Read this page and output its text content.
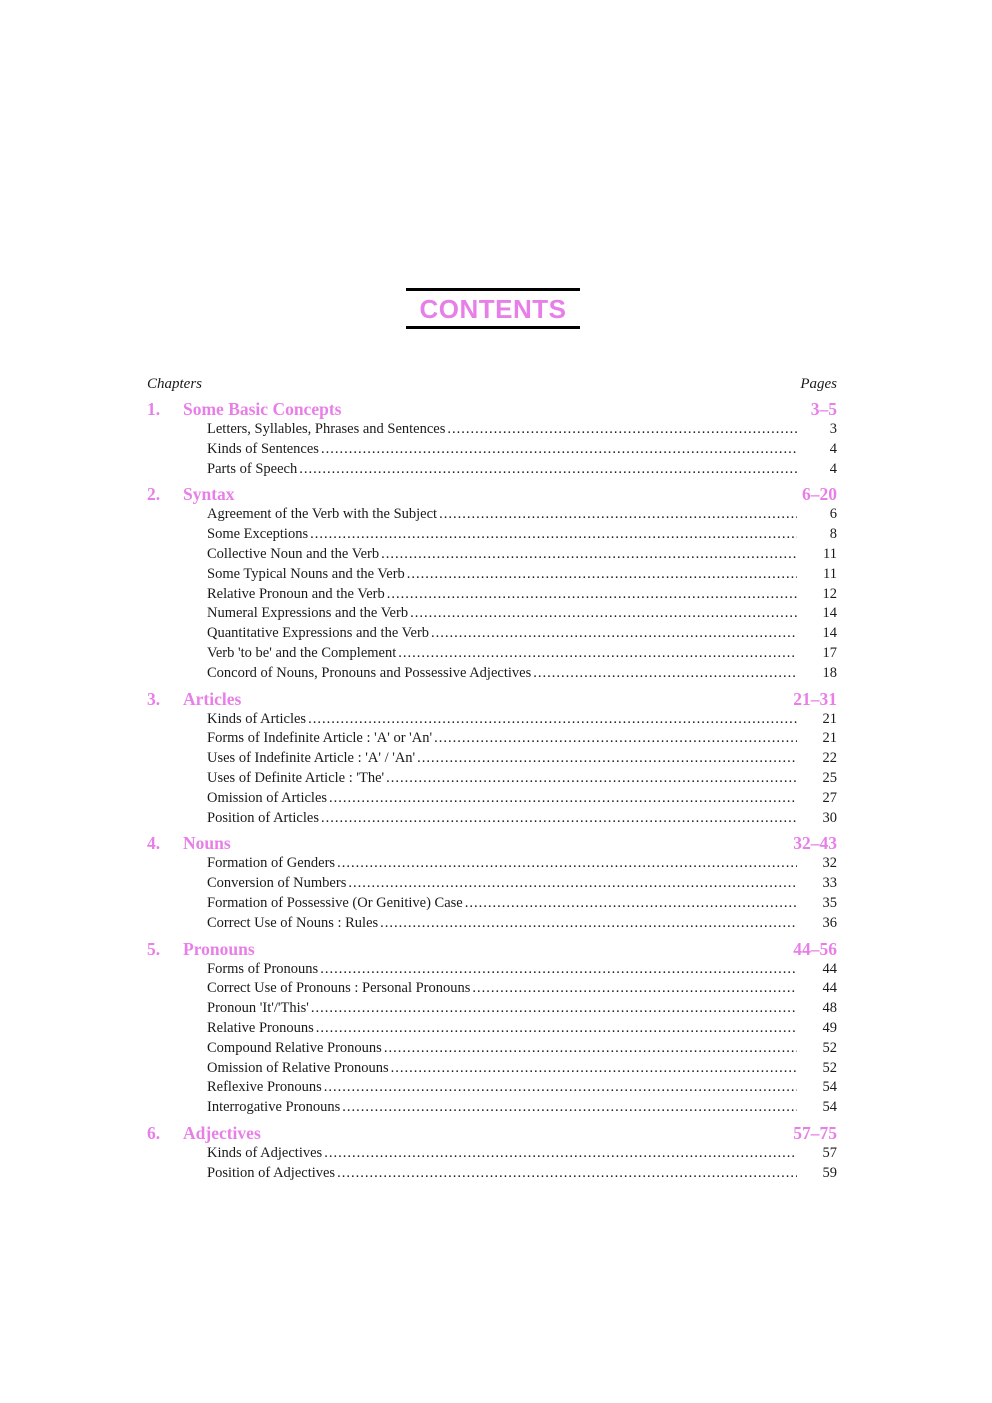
CONTENTS
Chapters	Pages
1.	Some Basic Concepts	3–5
Letters, Syllables, Phrases and Sentences .....	3
Kinds of Sentences .....	4
Parts of Speech .....	4
2.	Syntax	6–20
Agreement of the Verb with the Subject .....	6
Some Exceptions .....	8
Collective Noun and the Verb .....	11
Some Typical Nouns and the Verb .....	11
Relative Pronoun and the Verb .....	12
Numeral Expressions and the Verb .....	14
Quantitative Expressions and the Verb .....	14
Verb 'to be' and the Complement .....	17
Concord of Nouns, Pronouns and Possessive Adjectives .....	18
3.	Articles	21–31
Kinds of Articles .....	21
Forms of Indefinite Article : 'A' or 'An' .....	21
Uses of Indefinite Article : 'A' / 'An' .....	22
Uses of Definite Article : 'The' .....	25
Omission of Articles .....	27
Position of Articles .....	30
4.	Nouns	32–43
Formation of Genders .....	32
Conversion of Numbers .....	33
Formation of Possessive (Or Genitive) Case .....	35
Correct Use of Nouns : Rules .....	36
5.	Pronouns	44–56
Forms of Pronouns .....	44
Correct Use of Pronouns : Personal Pronouns .....	44
Pronoun 'It'/'This' .....	48
Relative Pronouns .....	49
Compound Relative Pronouns .....	52
Omission of Relative Pronouns .....	52
Reflexive Pronouns .....	54
Interrogative Pronouns .....	54
6.	Adjectives	57–75
Kinds of Adjectives .....	57
Position of Adjectives .....	59
